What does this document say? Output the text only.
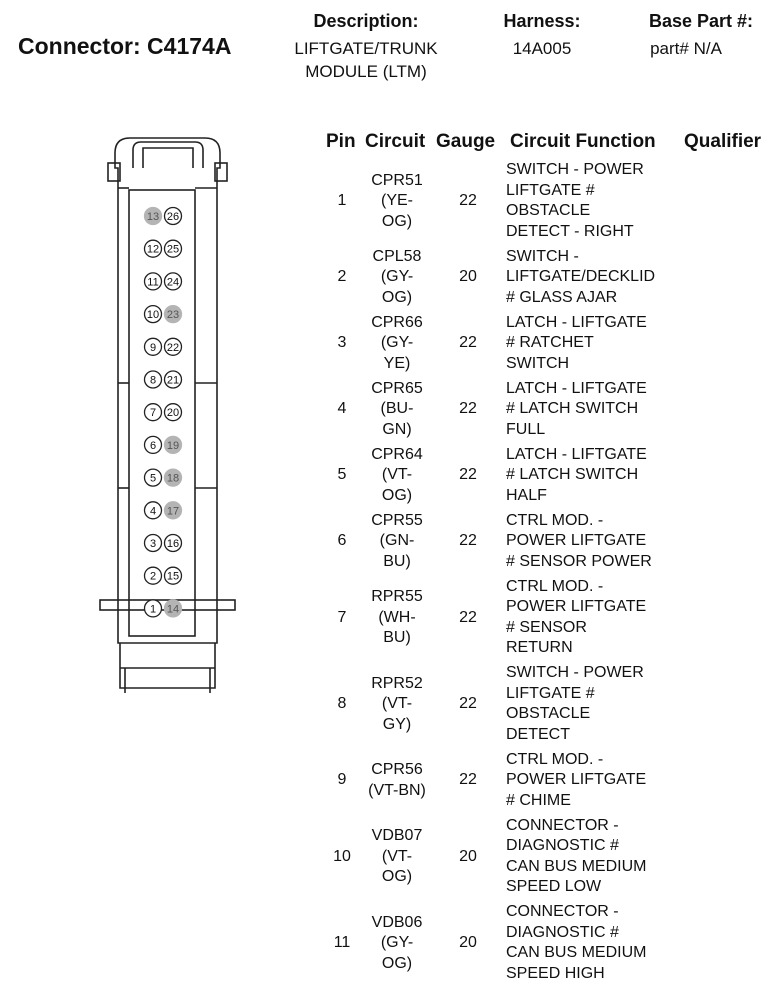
Connector: C4174A
Description:
LIFTGATE/TRUNK
MODULE (LTM)
Harness:
14A005
Base Part #:
part# N/A
Pin Circuit Gauge Circuit Function Qualifier
13 26
12 25
11 24
10 23
9 22
8 21
7 20
6 19
5 18
4 17
3 16
2 15
1 14
1
CPR51
(YE-
OG)
22
SWITCH - POWER
LIFTGATE #
OBSTACLE
DETECT - RIGHT
2
CPL58
(GY-
OG)
20
SWITCH -
LIFTGATE/DECKLID
# GLASS AJAR
3
CPR66
(GY-
YE)
22
LATCH - LIFTGATE
# RATCHET
SWITCH
4
CPR65
(BU-
GN)
22
LATCH - LIFTGATE
# LATCH SWITCH
FULL
5
CPR64
(VT-
OG)
22
LATCH - LIFTGATE
# LATCH SWITCH
HALF
6
CPR55
(GN-
BU)
22
CTRL MOD. -
POWER LIFTGATE
# SENSOR POWER
7
RPR55
(WH-
BU)
22
CTRL MOD. -
POWER LIFTGATE
# SENSOR
RETURN
8
RPR52
(VT-
GY)
22
SWITCH - POWER
LIFTGATE #
OBSTACLE
DETECT
9
CPR56
(VT-BN)
22
CTRL MOD. -
POWER LIFTGATE
# CHIME
10
VDB07
(VT-
OG)
20
CONNECTOR -
DIAGNOSTIC #
CAN BUS MEDIUM
SPEED LOW
11
VDB06
(GY-
OG)
20
CONNECTOR -
DIAGNOSTIC #
CAN BUS MEDIUM
SPEED HIGH
